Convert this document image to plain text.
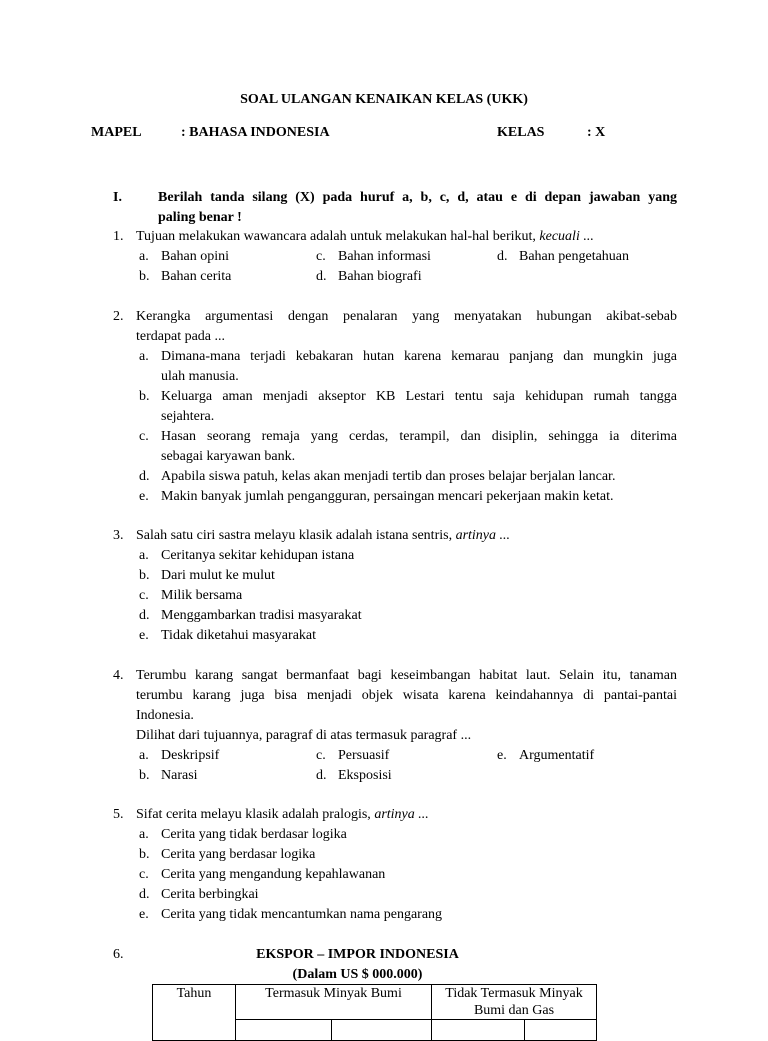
SOAL ULANGAN KENAIKAN KELAS (UKK)
MAPEL	: BAHASA INDONESIA	KELAS	: X
I.	Berilah tanda silang (X) pada huruf a, b, c, d, atau e di depan jawaban yang
paling benar !
1. Tujuan melakukan wawancara adalah untuk melakukan hal-hal berikut, kecuali ...
a. Bahan opini
b. Bahan cerita
c. Bahan informasi
d. Bahan biografi
d. Bahan pengetahuan
2. Kerangka argumentasi dengan penalaran yang menyatakan hubungan akibat-sebab
terdapat pada ...
a. Dimana-mana terjadi kebakaran hutan karena kemarau panjang dan mungkin juga
ulah manusia.
b. Keluarga aman menjadi akseptor KB Lestari tentu saja kehidupan rumah tangga
sejahtera.
c. Hasan seorang remaja yang cerdas, terampil, dan disiplin, sehingga ia diterima
sebagai karyawan bank.
d. Apabila siswa patuh, kelas akan menjadi tertib dan proses belajar berjalan lancar.
e. Makin banyak jumlah pengangguran, persaingan mencari pekerjaan makin ketat.
3. Salah satu ciri sastra melayu klasik adalah istana sentris, artinya ...
a. Ceritanya sekitar kehidupan istana
b. Dari mulut ke mulut
c. Milik bersama
d. Menggambarkan tradisi masyarakat
e. Tidak diketahui masyarakat
4. Terumbu karang sangat bermanfaat bagi keseimbangan habitat laut. Selain itu, tanaman
terumbu karang juga bisa menjadi objek wisata karena keindahannya di pantai-pantai
Indonesia.
Dilihat dari tujuannya, paragraf di atas termasuk paragraf ...
a. Deskripsif
b. Narasi
c. Persuasif
d. Eksposisi
e. Argumentatif
5. Sifat cerita melayu klasik adalah pralogis, artinya ...
a. Cerita yang tidak berdasar logika
b. Cerita yang berdasar logika
c. Cerita yang mengandung kepahlawanan
d. Cerita berbingkai
e. Cerita yang tidak mencantumkan nama pengarang
6.	EKSPOR – IMPOR INDONESIA
(Dalam US $ 000.000)
Tahun	Termasuk Minyak Bumi		Tidak Termasuk Minyak
Bumi dan Gas	
